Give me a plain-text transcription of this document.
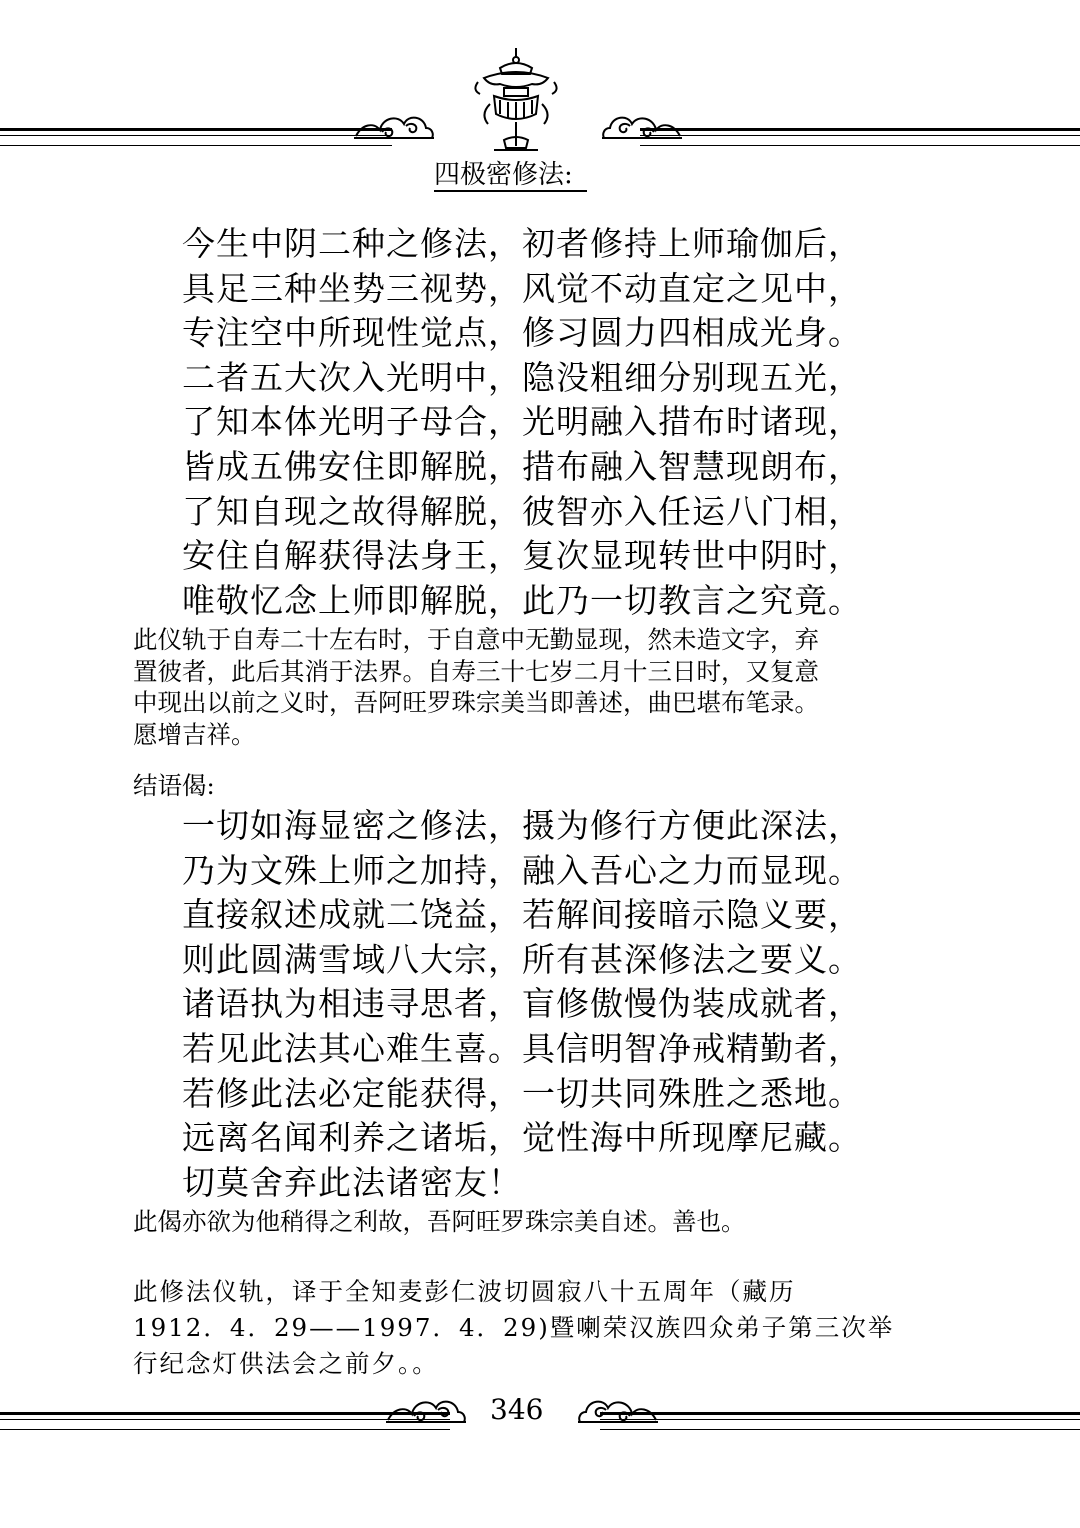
四极密修法:
今生中阴二种之修法，初者修持上师瑜伽后，
具足三种坐势三视势，风觉不动直定之见中，
专注空中所现性觉点，修习圆力四相成光身。
二者五大次入光明中，隐没粗细分别现五光，
了知本体光明子母合，光明融入措布时诸现，
皆成五佛安住即解脱，措布融入智慧现朗布，
了知自现之故得解脱，彼智亦入任运八门相，
安住自解获得法身王，复次显现转世中阴时，
唯敬忆念上师即解脱，此乃一切教言之究竟。
此仪轨于自寿二十左右时，于自意中无勤显现，然未造文字，弃
置彼者，此后其消于法界。自寿三十七岁二月十三日时，又复意
中现出以前之义时，吾阿旺罗珠宗美当即善述，曲巴堪布笔录。
愿增吉祥。
结语偈:
一切如海显密之修法，摄为修行方便此深法，
乃为文殊上师之加持，融入吾心之力而显现。
直接叙述成就二饶益，若解间接暗示隐义要，
则此圆满雪域八大宗，所有甚深修法之要义。
诸语执为相违寻思者，盲修傲慢伪装成就者，
若见此法其心难生喜。具信明智净戒精勤者，
若修此法必定能获得，一切共同殊胜之悉地。
远离名闻利养之诸垢，觉性海中所现摩尼藏。
切莫舍弃此法诸密友！
此偈亦欲为他稍得之利故，吾阿旺罗珠宗美自述。善也。
此修法仪轨，译于全知麦彭仁波切圆寂八十五周年（藏历
1912．4．29——1997．4．29)暨喇荣汉族四众弟子第三次举
行纪念灯供法会之前夕。。
346
